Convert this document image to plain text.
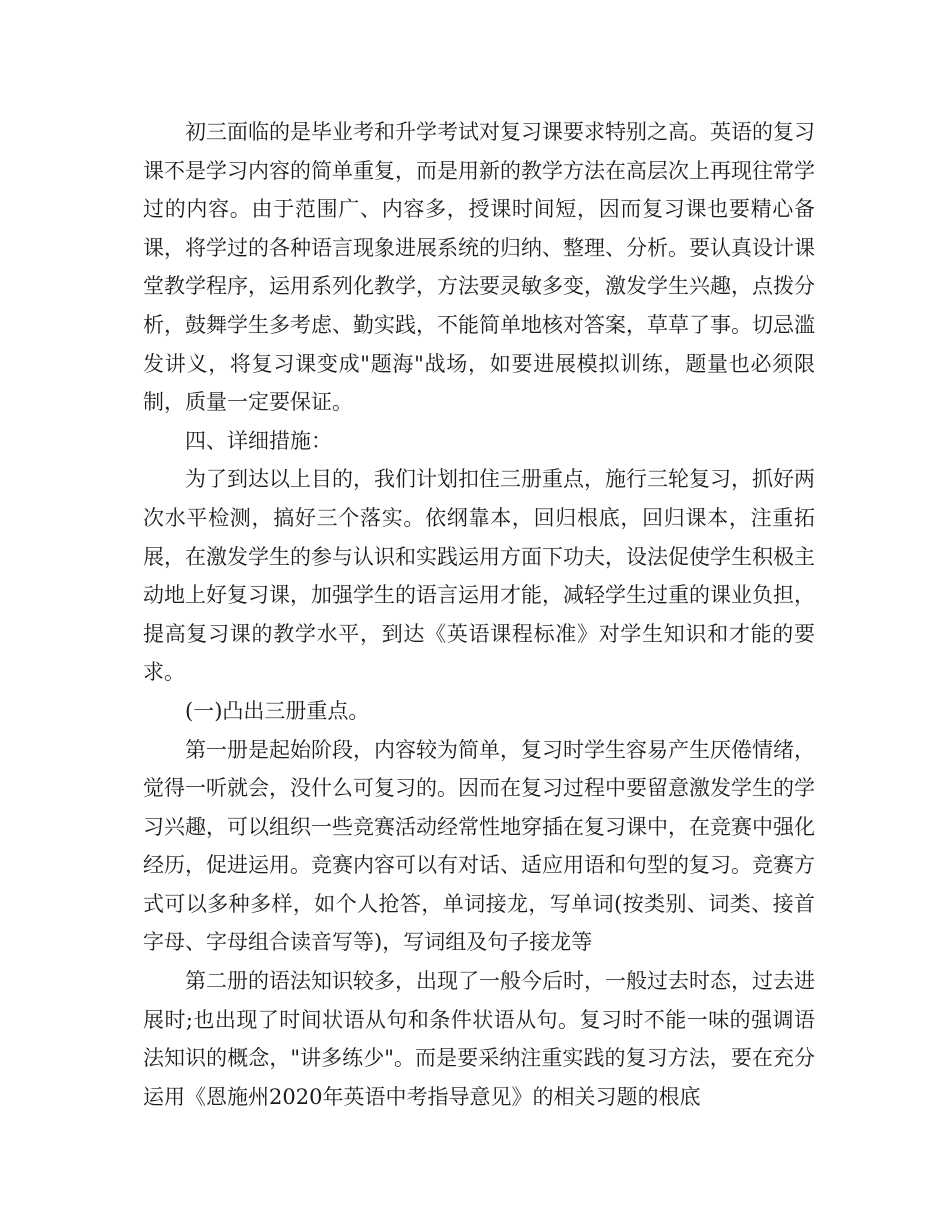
初三面临的是毕业考和升学考试对复习课要求特别之高。英语的复习课不是学习内容的简单重复，而是用新的教学方法在高层次上再现往常学过的内容。由于范围广、内容多，授课时间短，因而复习课也要精心备课，将学过的各种语言现象进展系统的归纳、整理、分析。要认真设计课堂教学程序，运用系列化教学，方法要灵敏多变，激发学生兴趣，点拨分析，鼓舞学生多考虑、勤实践，不能简单地核对答案，草草了事。切忌滥发讲义，将复习课变成"题海"战场，如要进展模拟训练，题量也必须限制，质量一定要保证。

四、详细措施：

为了到达以上目的，我们计划扣住三册重点，施行三轮复习，抓好两次水平检测，搞好三个落实。依纲靠本，回归根底，回归课本，注重拓展，在激发学生的参与认识和实践运用方面下功夫，设法促使学生积极主动地上好复习课，加强学生的语言运用才能，减轻学生过重的课业负担，提高复习课的教学水平，到达《英语课程标准》对学生知识和才能的要求。

(一)凸出三册重点。

第一册是起始阶段，内容较为简单，复习时学生容易产生厌倦情绪，觉得一听就会，没什么可复习的。因而在复习过程中要留意激发学生的学习兴趣，可以组织一些竞赛活动经常性地穿插在复习课中，在竞赛中强化经历，促进运用。竞赛内容可以有对话、适应用语和句型的复习。竞赛方式可以多种多样，如个人抢答，单词接龙，写单词(按类别、词类、接首字母、字母组合读音写等)，写词组及句子接龙等

第二册的语法知识较多，出现了一般今后时，一般过去时态，过去进展时;也出现了时间状语从句和条件状语从句。复习时不能一味的强调语法知识的概念，"讲多练少"。而是要采纳注重实践的复习方法，要在充分运用《恩施州2020年英语中考指导意见》的相关习题的根底
